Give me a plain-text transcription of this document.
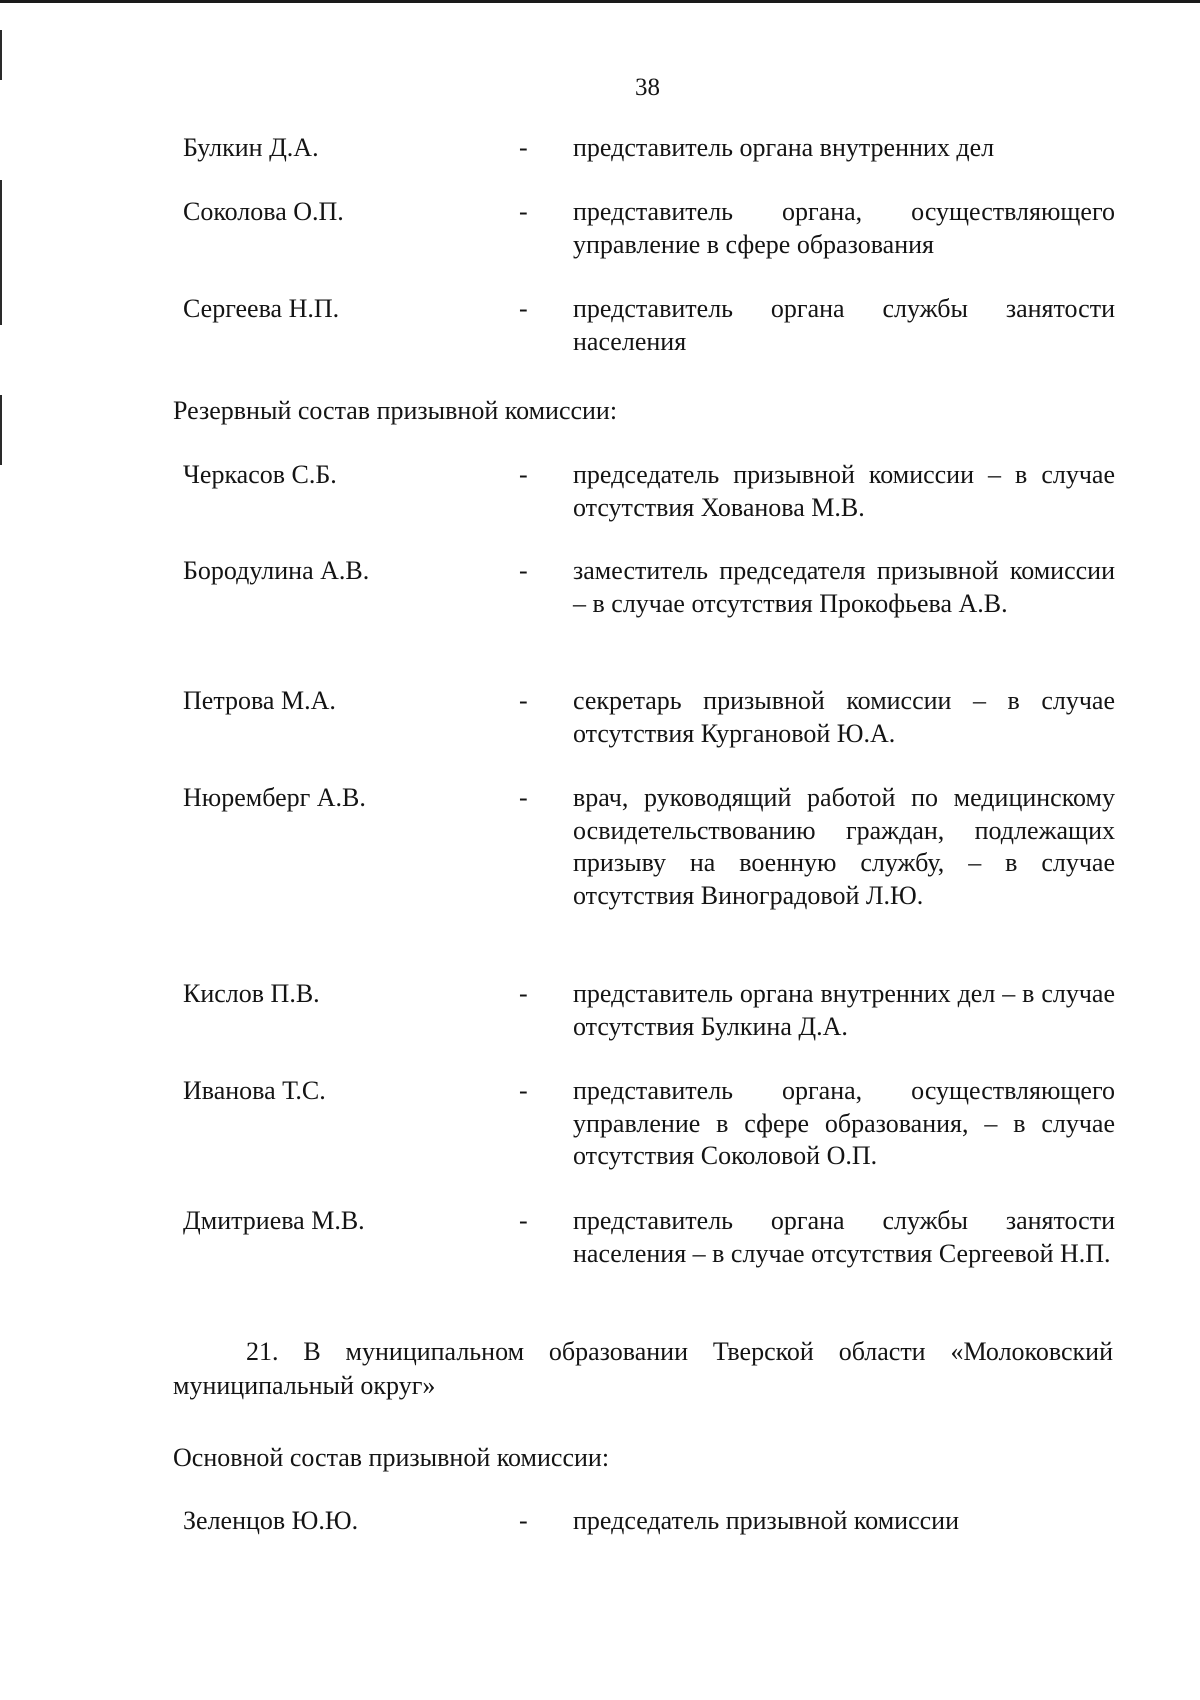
38
Булкин Д.А.	- представитель органа внутренних дел
Соколова О.П.	- представитель органа, осуществляющего управление в сфере образования
Сергеева Н.П.	- представитель органа службы занятости населения
Резервный состав призывной комиссии:
Черкасов С.Б.	- председатель призывной комиссии – в случае отсутствия Хованова М.В.
Бородулина А.В.	- заместитель председателя призывной комиссии – в случае отсутствия Прокофьева А.В.
Петрова М.А.	- секретарь призывной комиссии – в случае отсутствия Кургановой Ю.А.
Нюремберг А.В.	- врач, руководящий работой по медицинскому освидетельствованию граждан, подлежащих призыву на военную службу, – в случае отсутствия Виноградовой Л.Ю.
Кислов П.В.	- представитель органа внутренних дел – в случае отсутствия Булкина Д.А.
Иванова Т.С.	- представитель органа, осуществляющего управление в сфере образования, – в случае отсутствия Соколовой О.П.
Дмитриева М.В.	- представитель органа службы занятости населения – в случае отсутствия Сергеевой Н.П.
21. В муниципальном образовании Тверской области «Молоковский муниципальный округ»
Основной состав призывной комиссии:
Зеленцов Ю.Ю.	- председатель призывной комиссии
